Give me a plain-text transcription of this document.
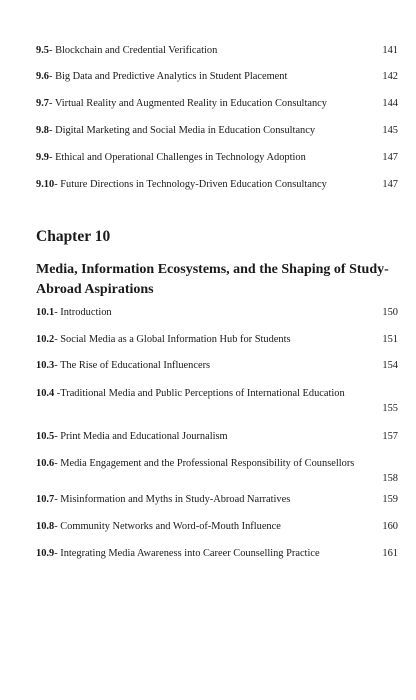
9.5- Blockchain and Credential Verification	141
9.6- Big Data and Predictive Analytics in Student Placement	142
9.7- Virtual Reality and Augmented Reality in Education Consultancy	144
9.8- Digital Marketing and Social Media in Education Consultancy	145
9.9- Ethical and Operational Challenges in Technology Adoption	147
9.10- Future Directions in Technology-Driven Education Consultancy	147
Chapter 10
Media, Information Ecosystems, and the Shaping of Study-Abroad Aspirations
10.1- Introduction	150
10.2- Social Media as a Global Information Hub for Students	151
10.3- The Rise of Educational Influencers	154
10.4 -Traditional Media and Public Perceptions of International Education
155
10.5- Print Media and Educational Journalism	157
10.6- Media Engagement and the Professional Responsibility of Counsellors
158
10.7- Misinformation and Myths in Study-Abroad Narratives	159
10.8- Community Networks and Word-of-Mouth Influence	160
10.9- Integrating Media Awareness into Career Counselling Practice	161
